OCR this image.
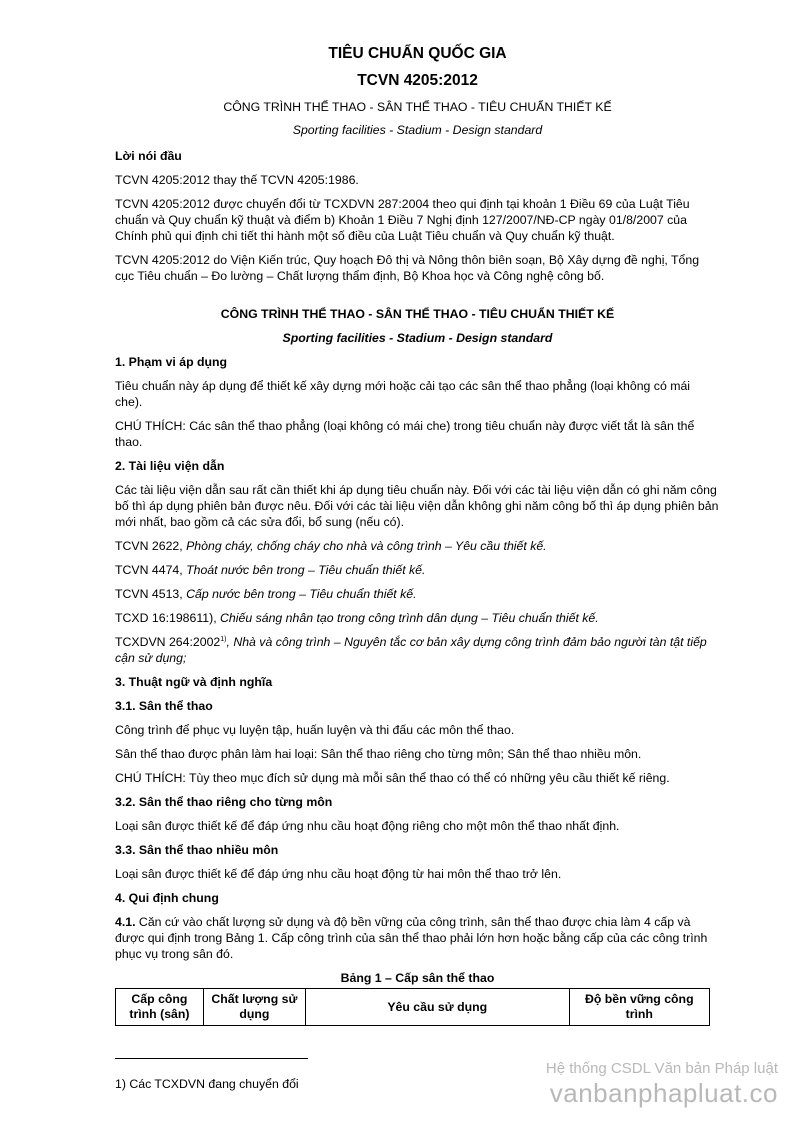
TIÊU CHUẨN QUỐC GIA
TCVN 4205:2012
CÔNG TRÌNH THỂ THAO - SÂN THỂ THAO - TIÊU CHUẨN THIẾT KẾ
Sporting facilities - Stadium - Design standard
Lời nói đầu

TCVN 4205:2012 thay thế TCVN 4205:1986.

TCVN 4205:2012 được chuyển đổi từ TCXDVN 287:2004 theo qui định tại khoản 1 Điều 69 của Luật Tiêu chuẩn và Quy chuẩn kỹ thuật và điểm b) Khoản 1 Điều 7 Nghị định 127/2007/NĐ-CP ngày 01/8/2007 của Chính phủ qui định chi tiết thi hành một số điều của Luật Tiêu chuẩn và Quy chuẩn kỹ thuật.

TCVN 4205:2012 do Viện Kiến trúc, Quy hoạch Đô thị và Nông thôn biên soạn, Bộ Xây dựng đề nghị, Tổng cục Tiêu chuẩn – Đo lường – Chất lượng thẩm định, Bộ Khoa học và Công nghệ công bố.

CÔNG TRÌNH THỂ THAO - SÂN THỂ THAO - TIÊU CHUẨN THIẾT KẾ
Sporting facilities - Stadium - Design standard
1. Phạm vi áp dụng

Tiêu chuẩn này áp dụng để thiết kế xây dựng mới hoặc cải tạo các sân thể thao phẳng (loại không có mái che).

CHÚ THÍCH: Các sân thể thao phẳng (loại không có mái che) trong tiêu chuẩn này được viết tắt là sân thể thao.

2. Tài liệu viện dẫn

Các tài liệu viện dẫn sau rất cần thiết khi áp dụng tiêu chuẩn này. Đối với các tài liệu viện dẫn có ghi năm công bố thì áp dụng phiên bản được nêu. Đối với các tài liệu viện dẫn không ghi năm công bố thì áp dụng phiên bản mới nhất, bao gồm cả các sửa đổi, bổ sung (nếu có).

TCVN 2622, Phòng cháy, chống cháy cho nhà và công trình – Yêu cầu thiết kế.

TCVN 4474, Thoát nước bên trong – Tiêu chuẩn thiết kế.

TCVN 4513, Cấp nước bên trong – Tiêu chuẩn thiết kế.

TCXD 16:198611), Chiếu sáng nhân tạo trong công trình dân dụng – Tiêu chuẩn thiết kế.

TCXDVN 264:2002$^{1)}$, Nhà và công trình – Nguyên tắc cơ bản xây dựng công trình đảm bảo người tàn tật tiếp cận sử dụng;

3. Thuật ngữ và định nghĩa
3.1. Sân thể thao

Công trình để phục vụ luyện tập, huấn luyện và thi đấu các môn thể thao.

Sân thể thao được phân làm hai loại: Sân thể thao riêng cho từng môn; Sân thể thao nhiều môn.

CHÚ THÍCH: Tùy theo mục đích sử dụng mà mỗi sân thể thao có thể có những yêu cầu thiết kế riêng.

3.2. Sân thể thao riêng cho từng môn

Loại sân được thiết kế để đáp ứng nhu cầu hoạt động riêng cho một môn thể thao nhất định.

3.3. Sân thể thao nhiều môn

Loại sân được thiết kế để đáp ứng nhu cầu hoạt động từ hai môn thể thao trở lên.

4. Qui định chung

4.1. Căn cứ vào chất lượng sử dụng và độ bền vững của công trình, sân thể thao được chia làm 4 cấp và được qui định trong Bảng 1. Cấp công trình của sân thể thao phải lớn hơn hoặc bằng cấp của các công trình phục vụ trong sân đó.

Bảng 1 – Cấp sân thể thao
Cấp công trình (sân)	Chất lượng sử dụng	Yêu cầu sử dụng	Độ bền vững công trình
1) Các TCXDVN đang chuyển đổi
Hệ thống CSDL Văn bản Pháp luật
vanbanphapluat.co
